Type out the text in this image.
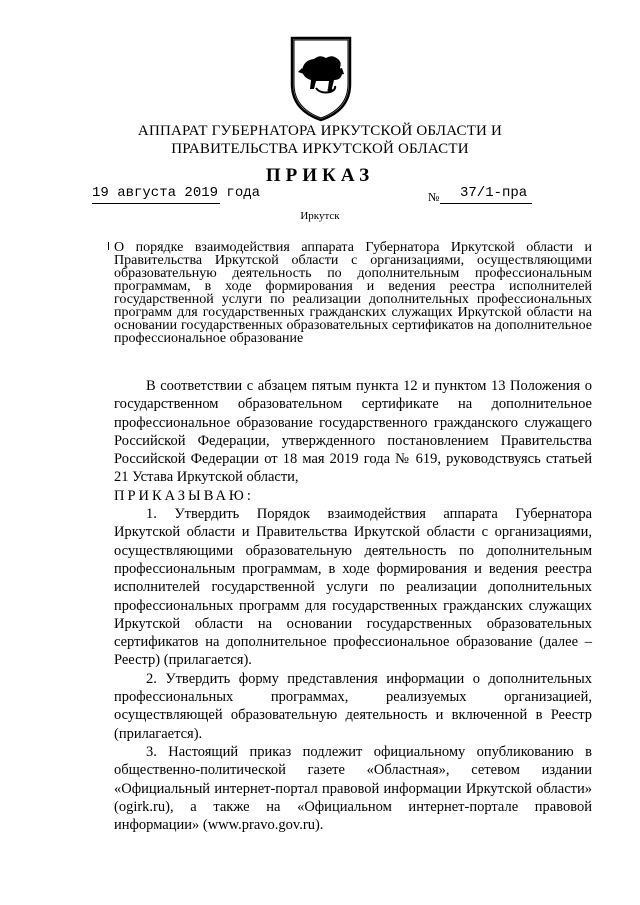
АППАРАТ ГУБЕРНАТОРА ИРКУТСКОЙ ОБЛАСТИ И
ПРАВИТЕЛЬСТВА ИРКУТСКОЙ ОБЛАСТИ
ПРИКАЗ
19 августа 2019 года	№ 37/1-пра
Иркутск
О порядке взаимодействия аппарата Губернатора Иркутской области и Правительства Иркутской области с организациями, осуществляющими образовательную деятельность по дополнительным профессиональным программам, в ходе формирования и ведения реестра исполнителей государственной услуги по реализации дополнительных профессиональных программ для государственных гражданских служащих Иркутской области на основании государственных образовательных сертификатов на дополнительное профессиональное образование

В соответствии с абзацем пятым пункта 12 и пунктом 13 Положения о государственном образовательном сертификате на дополнительное профессиональное образование государственного гражданского служащего Российской Федерации, утвержденного постановлением Правительства Российской Федерации от 18 мая 2019 года № 619, руководствуясь статьей 21 Устава Иркутской области,

ПРИКАЗЫВАЮ:

1. Утвердить Порядок взаимодействия аппарата Губернатора Иркутской области и Правительства Иркутской области с организациями, осуществляющими образовательную деятельность по дополнительным профессиональным программам, в ходе формирования и ведения реестра исполнителей государственной услуги по реализации дополнительных профессиональных программ для государственных гражданских служащих Иркутской области на основании государственных образовательных сертификатов на дополнительное профессиональное образование (далее – Реестр) (прилагается).

2. Утвердить форму представления информации о дополнительных профессиональных программах, реализуемых организацией, осуществляющей образовательную деятельность и включенной в Реестр (прилагается).

3. Настоящий приказ подлежит официальному опубликованию в общественно-политической газете «Областная», сетевом издании «Официальный интернет-портал правовой информации Иркутской области» (ogirk.ru), а также на «Официальном интернет-портале правовой информации» (www.pravo.gov.ru).
